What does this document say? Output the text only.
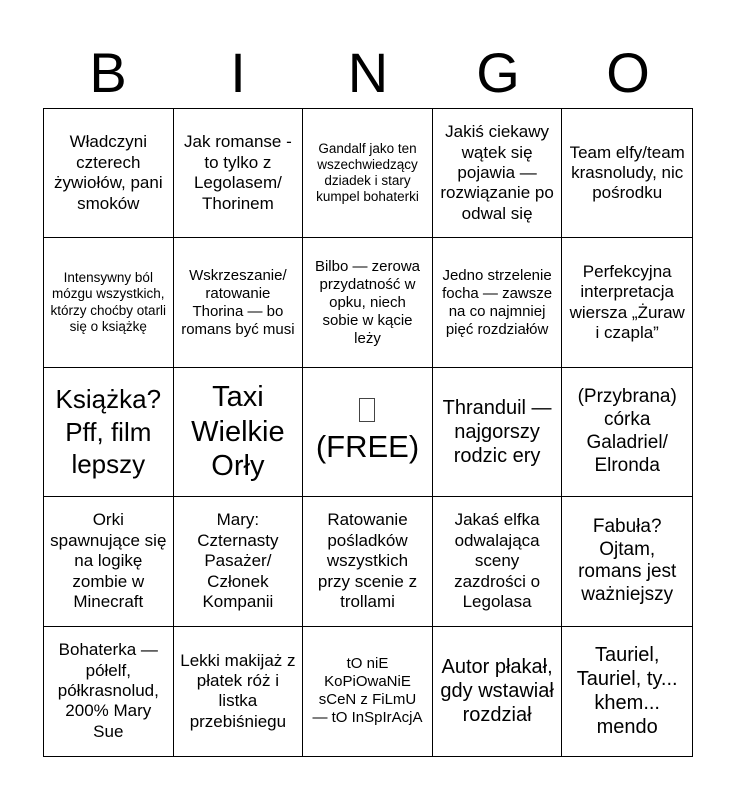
B	I	N	G	O
Władczyni czterech żywiołów, pani smoków
Jak romanse - to tylko z Legolasem/ Thorinem
Gandalf jako ten wszechwiedzący dziadek i stary kumpel bohaterki
Jakiś ciekawy wątek się pojawia — rozwiązanie po odwal się
Team elfy/team krasnoludy, nic pośrodku
Intensywny ból mózgu wszystkich, którzy choćby otarli się o książkę
Wskrzeszanie/ ratowanie Thorina — bo romans być musi
Bilbo — zerowa przydatność w opku, niech sobie w kącie leży
Jedno strzelenie focha — zawsze na co najmniej pięć rozdziałów
Perfekcyjna interpretacja wiersza „Żuraw i czapla”
Książka? Pff, film lepszy
Taxi Wielkie Orły
(FREE)
Thranduil — najgorszy rodzic ery
(Przybrana) córka Galadriel/ Elronda
Orki spawnujące się na logikę zombie w Minecraft
Mary: Czternasty Pasażer/ Członek Kompanii
Ratowanie pośladków wszystkich przy scenie z trollami
Jakaś elfka odwalająca sceny zazdrości o Legolasa
Fabuła? Ojtam, romans jest ważniejszy
Bohaterka — półelf, półkrasnolud, 200% Mary Sue
Lekki makijaż z płatek róż i listka przebiśniegu
tO niE KoPiOwaNiE sCeN z FiLmU — tO InSpIrAcjA
Autor płakał, gdy wstawiał rozdział
Tauriel, Tauriel, ty... khem... mendo
